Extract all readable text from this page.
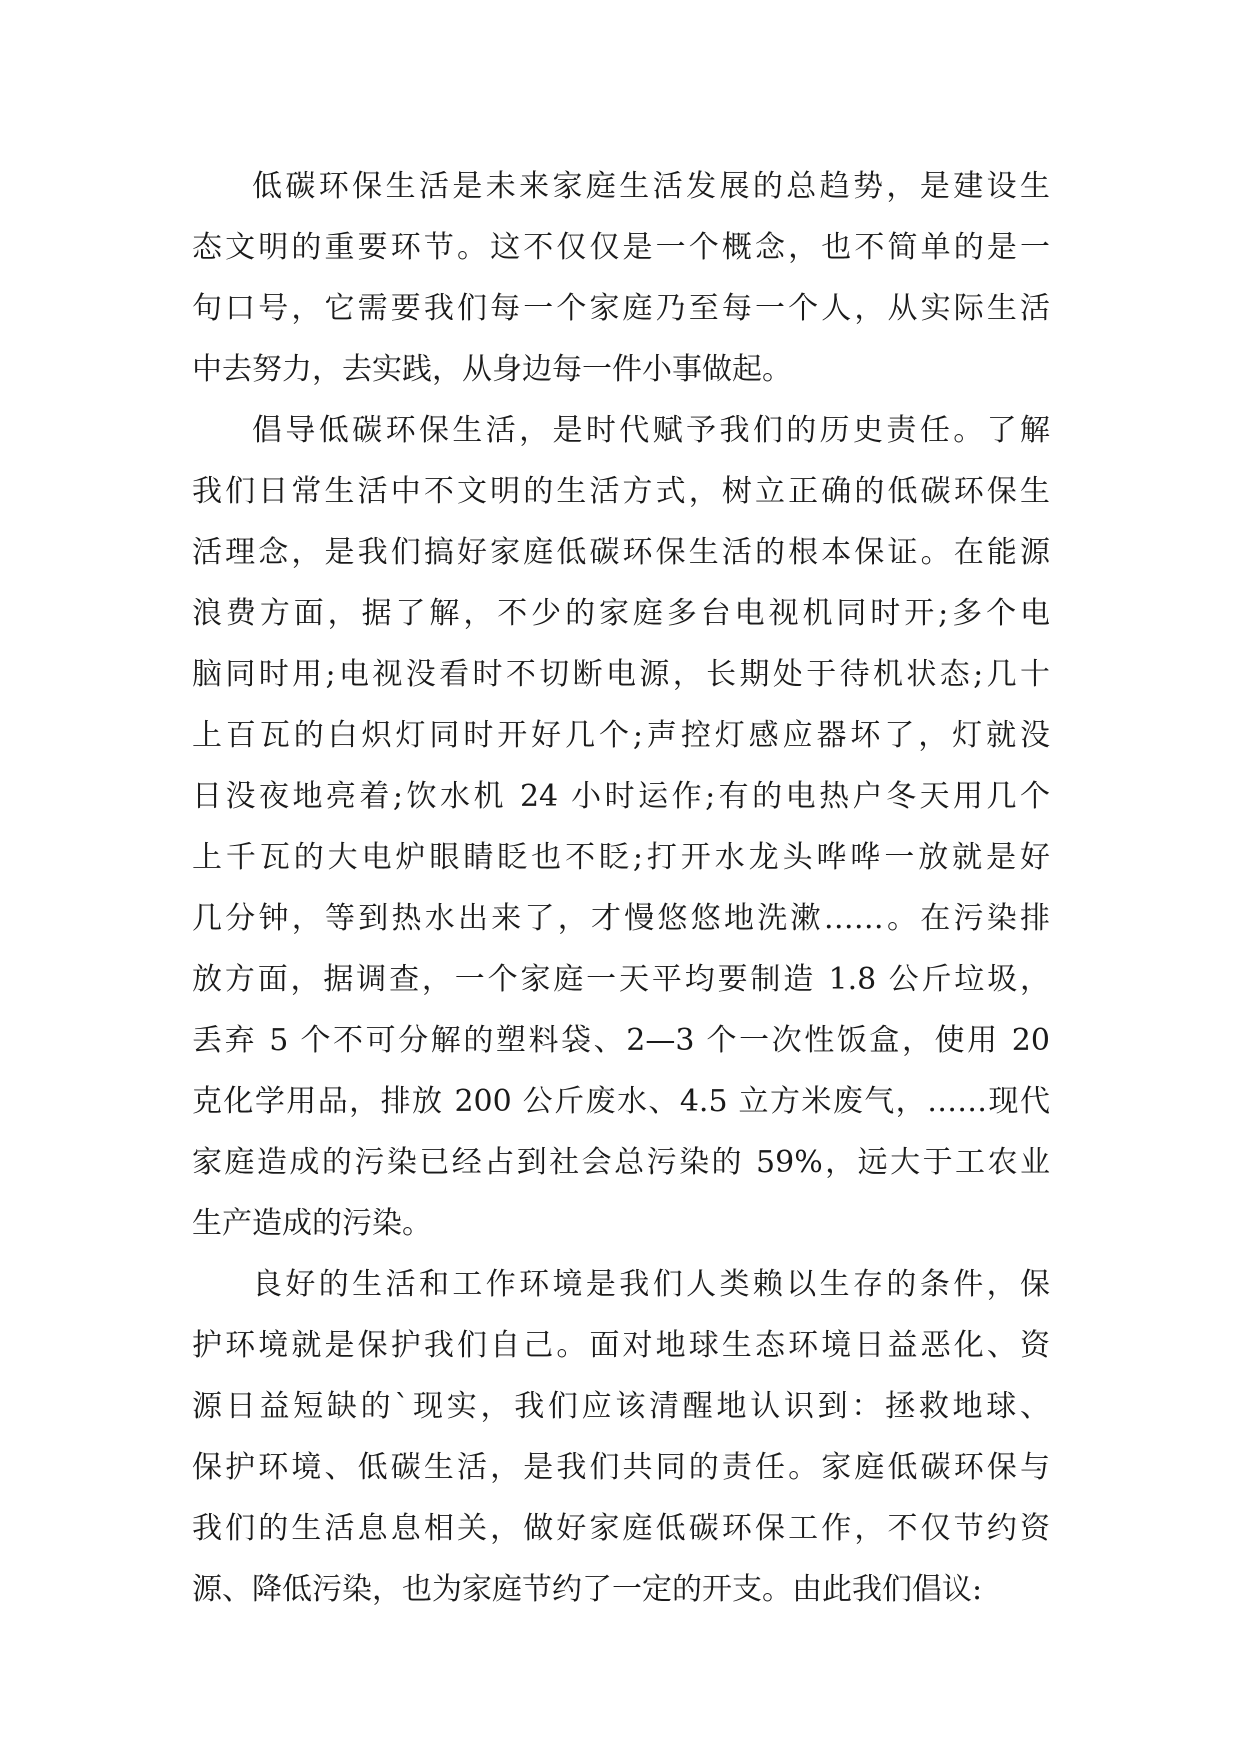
低碳环保生活是未来家庭生活发展的总趋势，是建设生
态文明的重要环节。这不仅仅是一个概念，也不简单的是一
句口号，它需要我们每一个家庭乃至每一个人，从实际生活
中去努力，去实践，从身边每一件小事做起。
倡导低碳环保生活，是时代赋予我们的历史责任。了解
我们日常生活中不文明的生活方式，树立正确的低碳环保生
活理念，是我们搞好家庭低碳环保生活的根本保证。在能源
浪费方面，据了解，不少的家庭多台电视机同时开;多个电
脑同时用;电视没看时不切断电源，长期处于待机状态;几十
上百瓦的白炽灯同时开好几个;声控灯感应器坏了，灯就没
日没夜地亮着;饮水机 24 小时运作;有的电热户冬天用几个
上千瓦的大电炉眼睛眨也不眨;打开水龙头哗哗一放就是好
几分钟，等到热水出来了，才慢悠悠地洗漱……。在污染排
放方面，据调查，一个家庭一天平均要制造 1.8 公斤垃圾，
丢弃 5 个不可分解的塑料袋、2—3 个一次性饭盒，使用 20
克化学用品，排放 200 公斤废水、4.5 立方米废气，……现代
家庭造成的污染已经占到社会总污染的 59%，远大于工农业
生产造成的污染。
良好的生活和工作环境是我们人类赖以生存的条件，保
护环境就是保护我们自己。面对地球生态环境日益恶化、资
源日益短缺的`现实，我们应该清醒地认识到：拯救地球、
保护环境、低碳生活，是我们共同的责任。家庭低碳环保与
我们的生活息息相关，做好家庭低碳环保工作，不仅节约资
源、降低污染，也为家庭节约了一定的开支。由此我们倡议:
